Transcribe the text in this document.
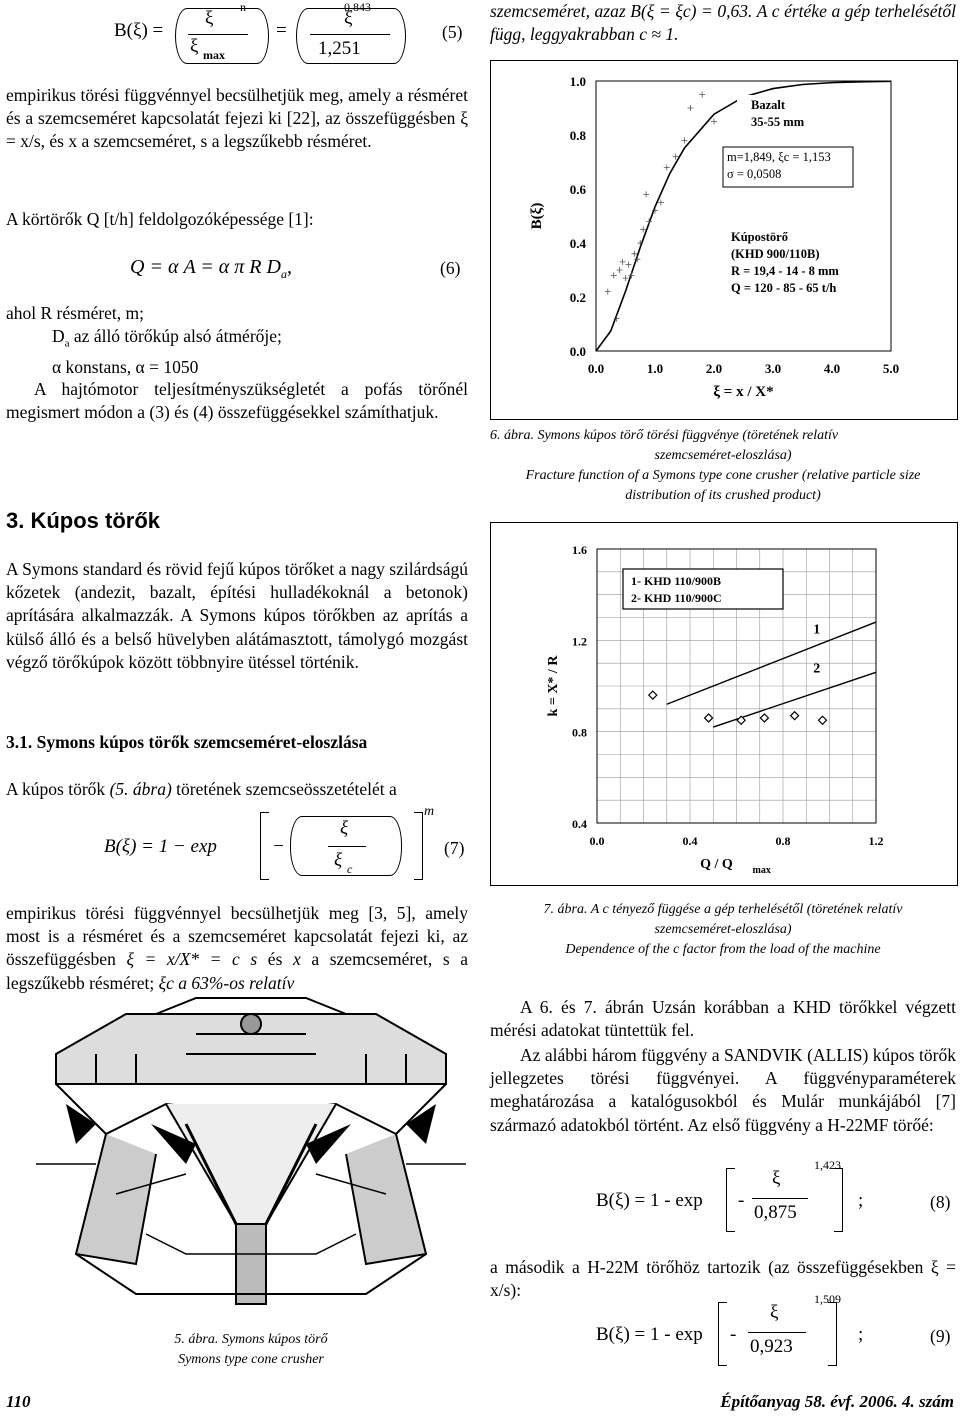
B(ξ) =
ξ
ξ max
n
=
ξ
1,251
0,843
(5)
empirikus törési függvénnyel becsülhetjük meg, amely a résméret és a szemcseméret kapcsolatát fejezi ki [22], az összefüggésben ξ = x/s, és x a szemcseméret, s a legszűkebb résméret.
A körtörők Q [t/h] feldolgozóképessége [1]:
Q = α A = α π R $D_a$,	(6)
ahol R résméret, m;
$D_a$ az álló törőkúp alsó átmérője;
α konstans, α = 1050
A hajtómotor teljesítményszükségletét a pofás törőnél megismert módon a (3) és (4) összefüggésekkel számíthatjuk.
3. Kúpos törők
A Symons standard és rövid fejű kúpos törőket a nagy szilárdságú kőzetek (andezit, bazalt, építési hulladékoknál a betonok) aprítására alkalmazzák. A Symons kúpos törőkben az aprítás a külső álló és a belső hüvelyben alátámasztott, támolygó mozgást végző törőkúpok között többnyire ütéssel történik.
3.1. Symons kúpos törők szemcseméret-eloszlása
A kúpos törők (5. ábra) töretének szemcseösszetételét a
B(ξ) = 1 − exp	−
ξ
ξ c
m
(7)
empirikus törési függvénnyel becsülhetjük meg [3, 5], amely most is a résméret és a szemcseméret kapcsolatát fejezi ki, az összefüggésben ξ = x/X* = c s és x a szemcseméret, s a legszűkebb résméret; ξc a 63%-os relatív
5. ábra. Symons kúpos törő
Symons type cone crusher
szemcseméret, azaz B(ξ = ξc) = 0,63. A c értéke a gép terhelésétől függ, leggyakrabban c ≈ 1.
0.0
0.2
0.4
0.6
0.8
1.0
0.0	1.0	2.0	3.0	4.0	5.0
ξ = x / X*
B(ξ)
Bazalt
35-55 mm
m=1,849, ξc = 1,153
σ = 0,0508
Kúpostörő
(KHD 900/110B)
R = 19,4 - 14 - 8 mm
Q = 120 - 85 - 65 t/h
6. ábra. Symons kúpos törő törési függvénye (töretének relatív
szemcseméret-eloszlása)
Fracture function of a Symons type cone crusher (relative particle size
distribution of its crushed product)
0.4
0.8
1.2
1.6
0.0	0.4	0.8	1.2
Q / Q max
k = X* / R
1
2
1- KHD 110/900B
2- KHD 110/900C
7. ábra. A c tényező függése a gép terhelésétől (töretének relatív
szemcseméret-eloszlása)
Dependence of the c factor from the load of the machine
A 6. és 7. ábrán Uzsán korábban a KHD törőkkel végzett mérési adatokat tüntettük fel.
Az alábbi három függvény a SANDVIK (ALLIS) kúpos törők jellegzetes törési függvényei. A függvényparaméterek meghatározása a katalógusokból és Mulár munkájából [7] származó adatokból történt. Az első függvény a H-22MF törőé:
B(ξ) = 1 - exp -
ξ
0,875
1,423
;	(8)
a második a H-22M törőhöz tartozik (az összefüggésekben ξ = x/s):
B(ξ) = 1 - exp -
ξ
0,923
1,509
;	(9)
110	Építőanyag 58. évf. 2006. 4. szám
